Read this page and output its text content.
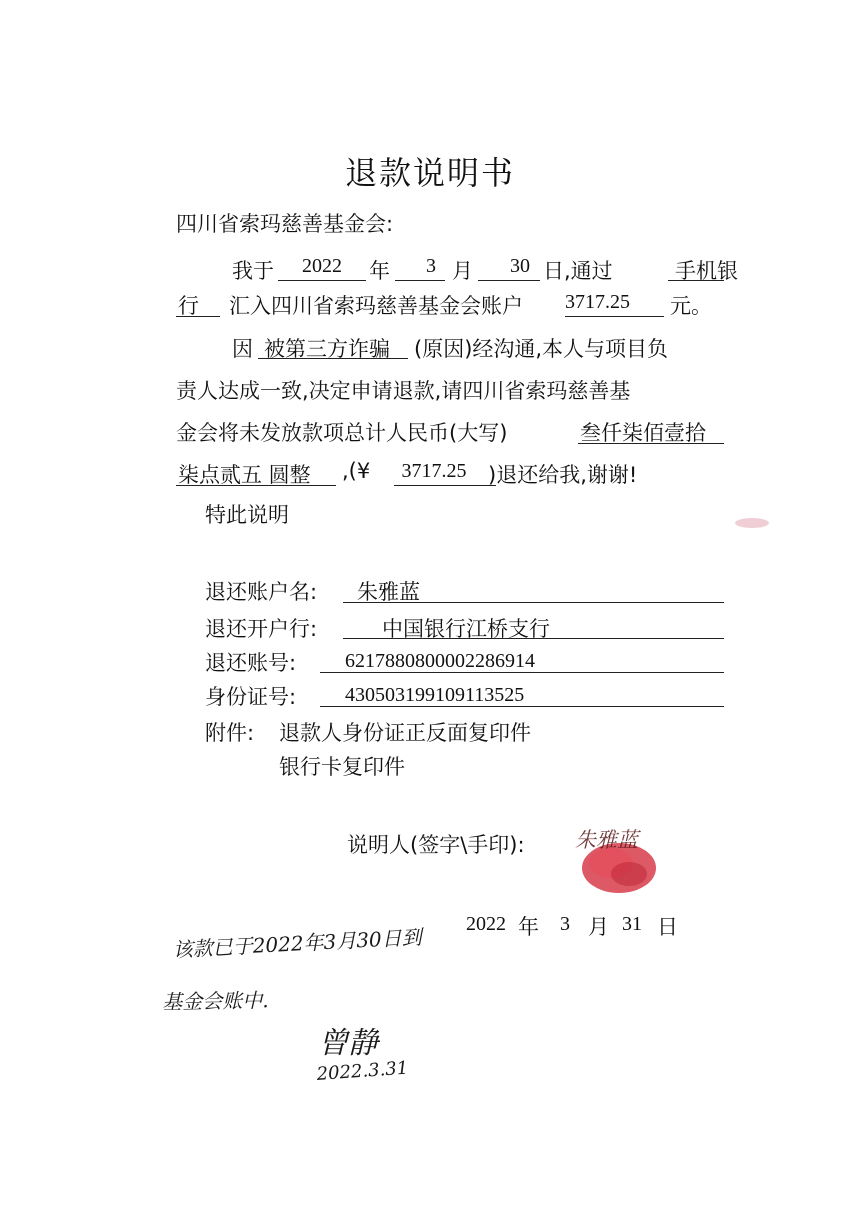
退款说明书
四川省索玛慈善基金会:
我于	2022	年	3 月	30 日,通过	手机银
行 汇入四川省索玛慈善基金会账户 3717.25	元。
因 被第三方诈骗 (原因)经沟通,本人与项目负
责人达成一致,决定申请退款,请四川省索玛慈善基
金会将未发放款项总计人民币(大写)	叁仟柒佰壹拾
柒点贰五 圆整 ,(¥	3717.25	)退还给我,谢谢!
特此说明
退还账户名: 朱雅蓝
退还开户行:	中国银行江桥支行
退还账号: 6217880800002286914
身份证号: 430503199109113525
附件: 退款人身份证正反面复印件
银行卡复印件
说明人(签字\手印): 朱雅蓝
2022 年 3 月 31 日
该款已于2022年3月30日到
基金会账中.
曾静
2022.3.31
